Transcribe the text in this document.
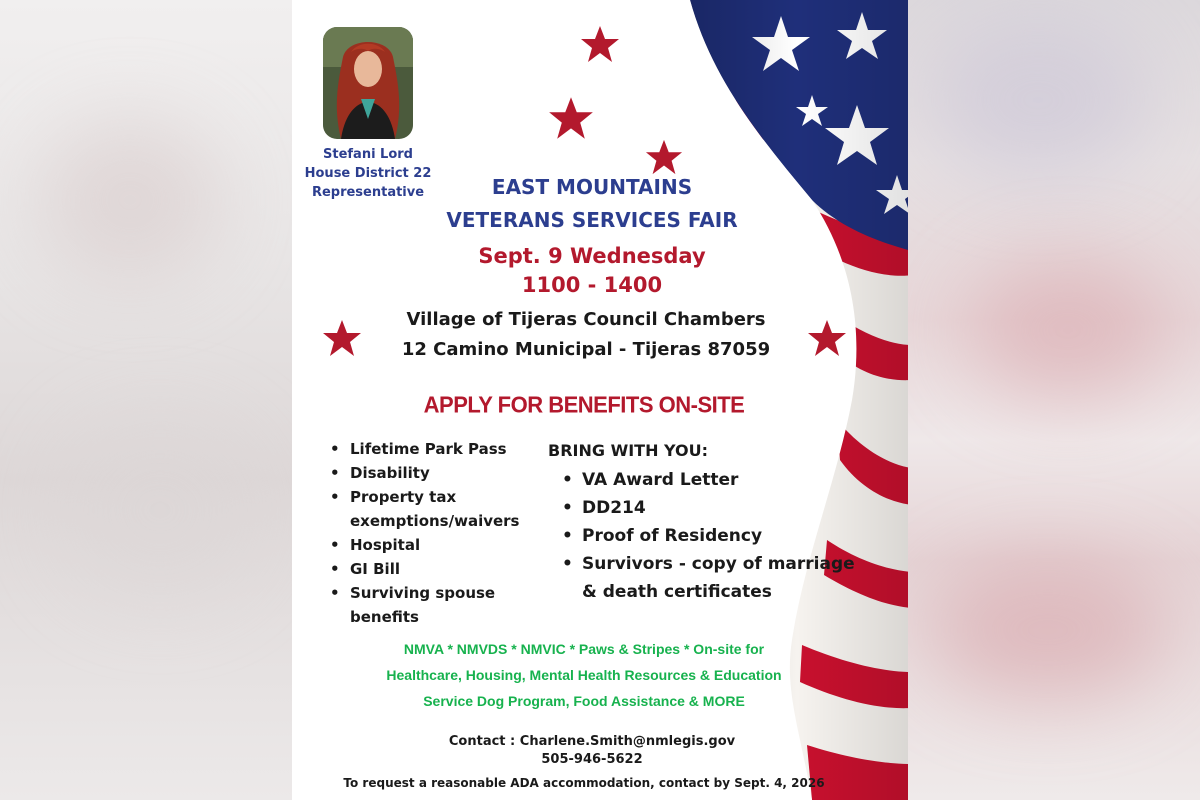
Stefani Lord
House District 22
Representative	EAST MOUNTAINS
VETERANS SERVICES FAIR
Sept. 9 Wednesday
1100 - 1400
Village of Tijeras Council Chambers
12 Camino Municipal - Tijeras 87059
APPLY FOR BENEFITS ON-SITE
• Lifetime Park Pass
• Disability
• Property tax exemptions/waivers
• Hospital
• GI Bill
• Surviving spouse benefits
BRING WITH YOU:
• VA Award Letter
• DD214
• Proof of Residency
• Survivors - copy of marriage & death certificates
NMVA * NMVDS * NMVIC * Paws & Stripes * On-site for
Healthcare, Housing, Mental Health Resources & Education
Service Dog Program, Food Assistance & MORE
Contact : Charlene.Smith@nmlegis.gov
505-946-5622
To request a reasonable ADA accommodation, contact by Sept. 4, 2026
